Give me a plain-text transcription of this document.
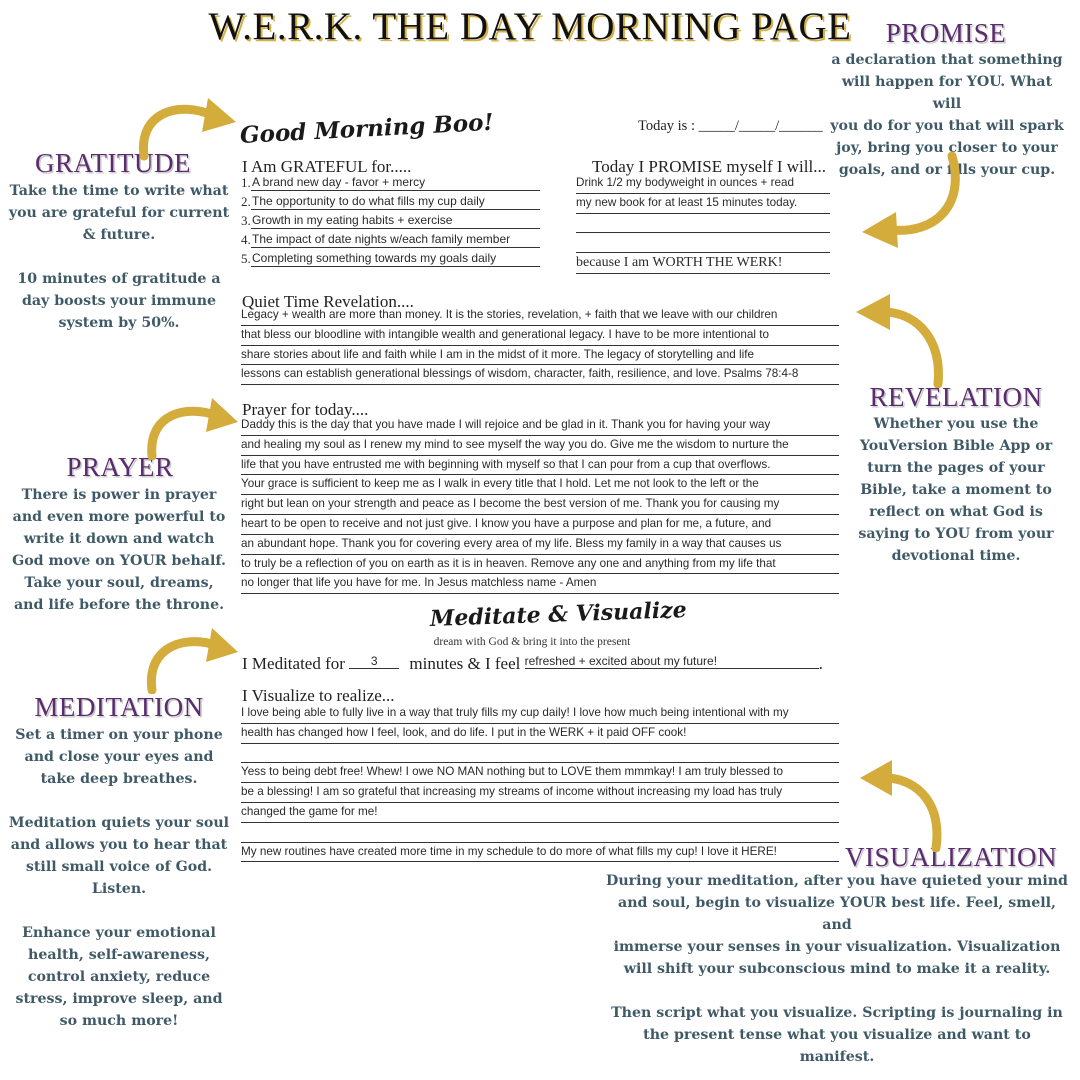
W.E.R.K. THE DAY MORNING PAGE
GRATITUDE
Take the time to write what
you are grateful for current
& future.

10 minutes of gratitude a
day boosts your immune
system by 50%.
PRAYER
There is power in prayer
and even more powerful to
write it down and watch
God move on YOUR behalf.
Take your soul, dreams,
and life before the throne.
MEDITATION
Set a timer on your phone
and close your eyes and
take deep breathes.

Meditation quiets your soul
and allows you to hear that
still small voice of God.
Listen.

Enhance your emotional
health, self-awareness,
control anxiety, reduce
stress, improve sleep, and
so much more!
PROMISE
a declaration that something
will happen for YOU. What will
you do for you that will spark
joy, bring you closer to your
goals, and or fills your cup.
REVELATION
Whether you use the
YouVersion Bible App or
turn the pages of your
Bible, take a moment to
reflect on what God is
saying to YOU from your
devotional time.
VISUALIZATION
During your meditation, after you have quieted your mind
and soul, begin to visualize YOUR best life. Feel, smell, and
immerse your senses in your visualization. Visualization
will shift your subconscious mind to make it a reality.

Then script what you visualize. Scripting is journaling in
the present tense what you visualize and want to manifest.
Good Morning Boo!	Today is : _____/_____/______
I Am GRATEFUL for.....
1. A brand new day - favor + mercy
2. The opportunity to do what fills my cup daily
3. Growth in my eating habits + exercise
4. The impact of date nights w/each family member
5. Completing something towards my goals daily
Today I PROMISE myself I will...
Drink 1/2 my bodyweight in ounces + read
my new book for at least 15 minutes today.
because I am WORTH THE WERK!
Quiet Time Revelation....
Legacy + wealth are more than money. It is the stories, revelation, + faith that we leave with our children
that bless our bloodline with intangible wealth and generational legacy. I have to be more intentional to
share stories about life and faith while I am in the midst of it more. The legacy of storytelling and life
lessons can establish generational blessings of wisdom, character, faith, resilience, and love. Psalms 78:4-8
Prayer for today....
Daddy this is the day that you have made I will rejoice and be glad in it. Thank you for having your way
and healing my soul as I renew my mind to see myself the way you do. Give me the wisdom to nurture the
life that you have entrusted me with beginning with myself so that I can pour from a cup that overflows.
Your grace is sufficient to keep me as I walk in every title that I hold. Let me not look to the left or the
right but lean on your strength and peace as I become the best version of me. Thank you for causing my
heart to be open to receive and not just give. I know you have a purpose and plan for me, a future, and
an abundant hope. Thank you for covering every area of my life. Bless my family in a way that causes us
to truly be a reflection of you on earth as it is in heaven. Remove any one and anything from my life that
no longer that life you have for me. In Jesus matchless name - Amen
Meditate & Visualize
dream with God & bring it into the present
I Meditated for 3 minutes & I feel refreshed + excited about my future!	.
I Visualize to realize...
I love being able to fully live in a way that truly fills my cup daily! I love how much being intentional with my
health has changed how I feel, look, and do life. I put in the WERK + it paid OFF cook!
Yess to being debt free! Whew! I owe NO MAN nothing but to LOVE them mmmkay! I am truly blessed to
be a blessing! I am so grateful that increasing my streams of income without increasing my load has truly
changed the game for me!
My new routines have created more time in my schedule to do more of what fills my cup! I love it HERE!
